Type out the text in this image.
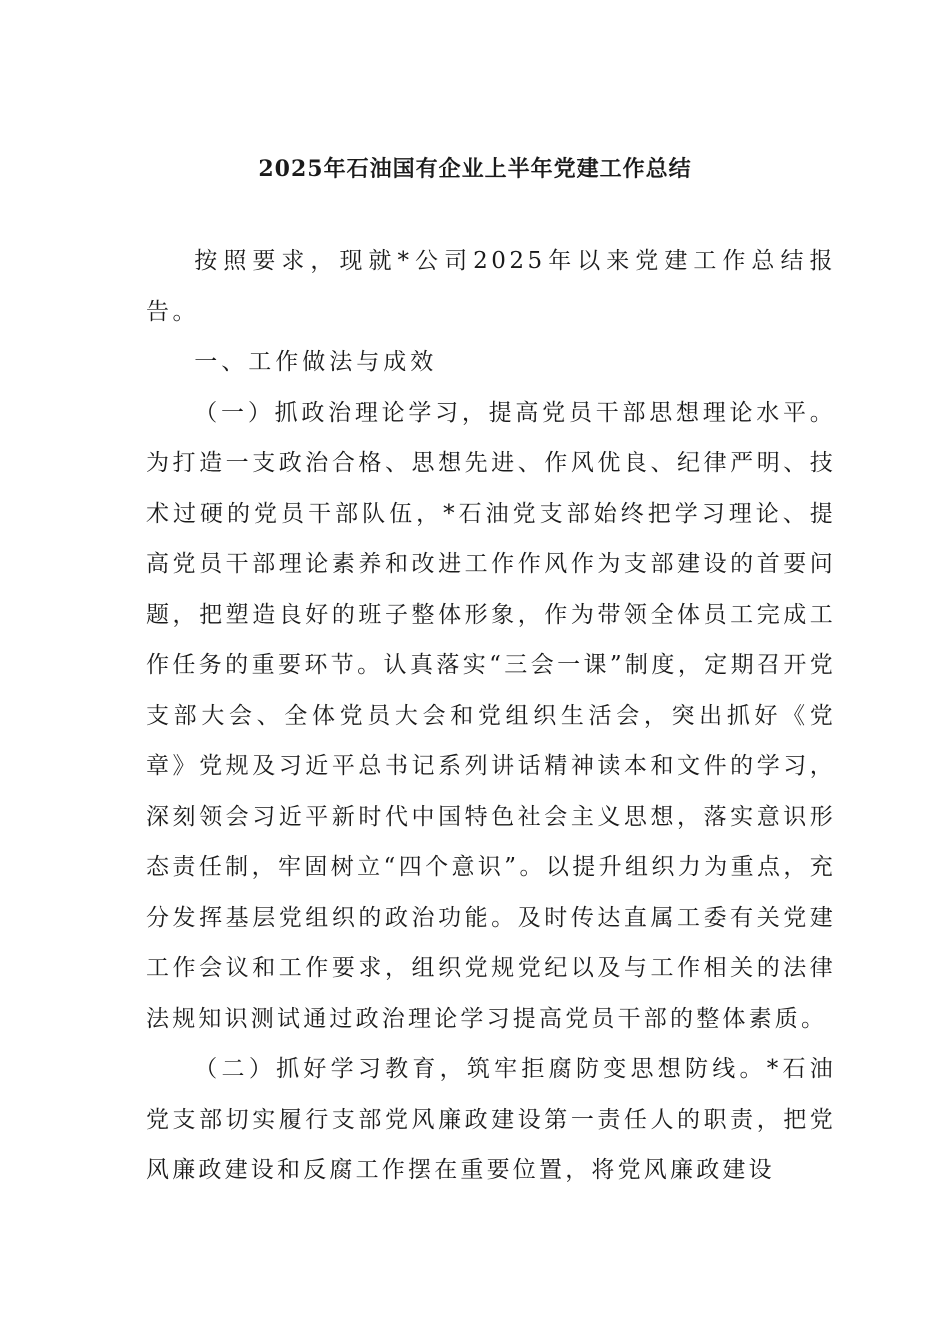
2025年石油国有企业上半年党建工作总结

按照要求，现就*公司2025年以来党建工作总结报告。

一、工作做法与成效

（一）抓政治理论学习，提高党员干部思想理论水平。为打造一支政治合格、思想先进、作风优良、纪律严明、技术过硬的党员干部队伍，*石油党支部始终把学习理论、提高党员干部理论素养和改进工作作风作为支部建设的首要问题，把塑造良好的班子整体形象，作为带领全体员工完成工作任务的重要环节。认真落实“三会一课”制度，定期召开党支部大会、全体党员大会和党组织生活会，突出抓好《党章》党规及习近平总书记系列讲话精神读本和文件的学习，深刻领会习近平新时代中国特色社会主义思想，落实意识形态责任制，牢固树立“四个意识”。以提升组织力为重点，充分发挥基层党组织的政治功能。及时传达直属工委有关党建工作会议和工作要求，组织党规党纪以及与工作相关的法律法规知识测试通过政治理论学习提高党员干部的整体素质。

（二）抓好学习教育，筑牢拒腐防变思想防线。*石油党支部切实履行支部党风廉政建设第一责任人的职责，把党风廉政建设和反腐工作摆在重要位置，将党风廉政建设
